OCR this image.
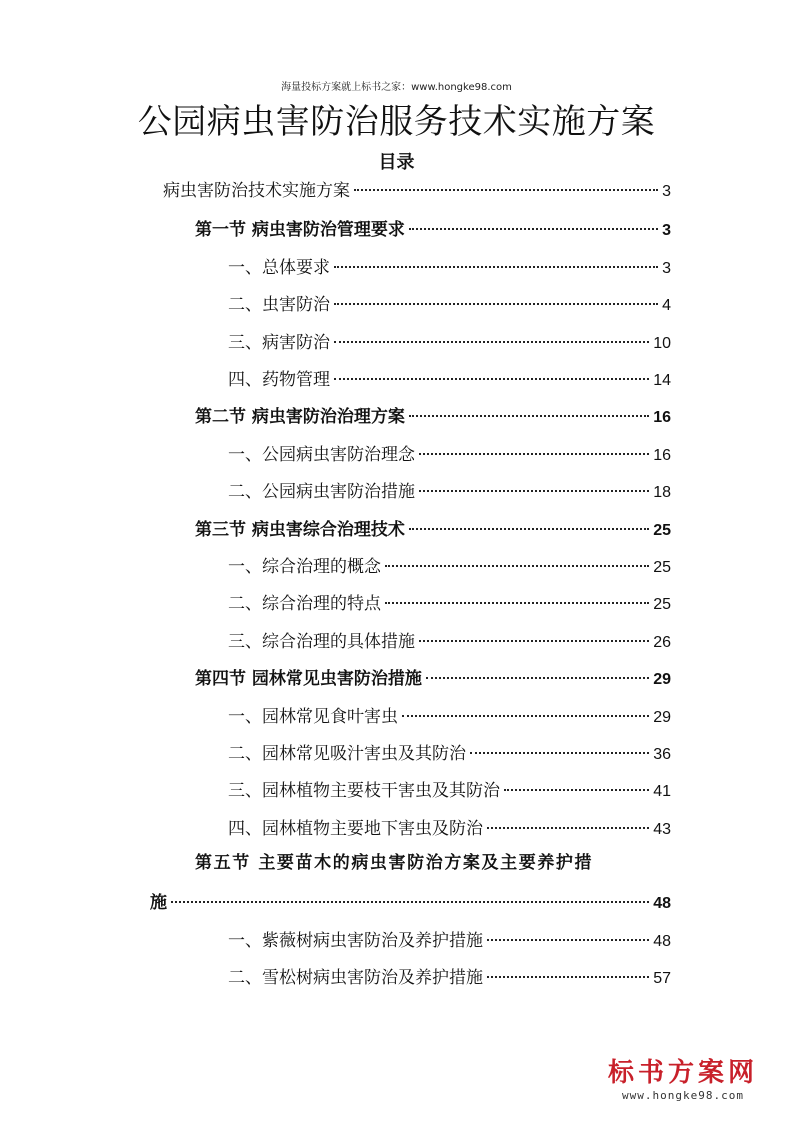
海量投标方案就上标书之家：www.hongke98.com
公园病虫害防治服务技术实施方案
目录
病虫害防治技术实施方案	3
第一节 病虫害防治管理要求	3
一、总体要求	3
二、虫害防治	4
三、病害防治	10
四、药物管理	14
第二节 病虫害防治治理方案	16
一、公园病虫害防治理念	16
二、公园病虫害防治措施	18
第三节 病虫害综合治理技术	25
一、综合治理的概念	25
二、综合治理的特点	25
三、综合治理的具体措施	26
第四节 园林常见虫害防治措施	29
一、园林常见食叶害虫	29
二、园林常见吸汁害虫及其防治	36
三、园林植物主要枝干害虫及其防治	41
四、园林植物主要地下害虫及防治	43
第五节 主要苗木的病虫害防治方案及主要养护措
施	48
一、紫薇树病虫害防治及养护措施	48
二、雪松树病虫害防治及养护措施	57
标书方案网
www.hongke98.com
